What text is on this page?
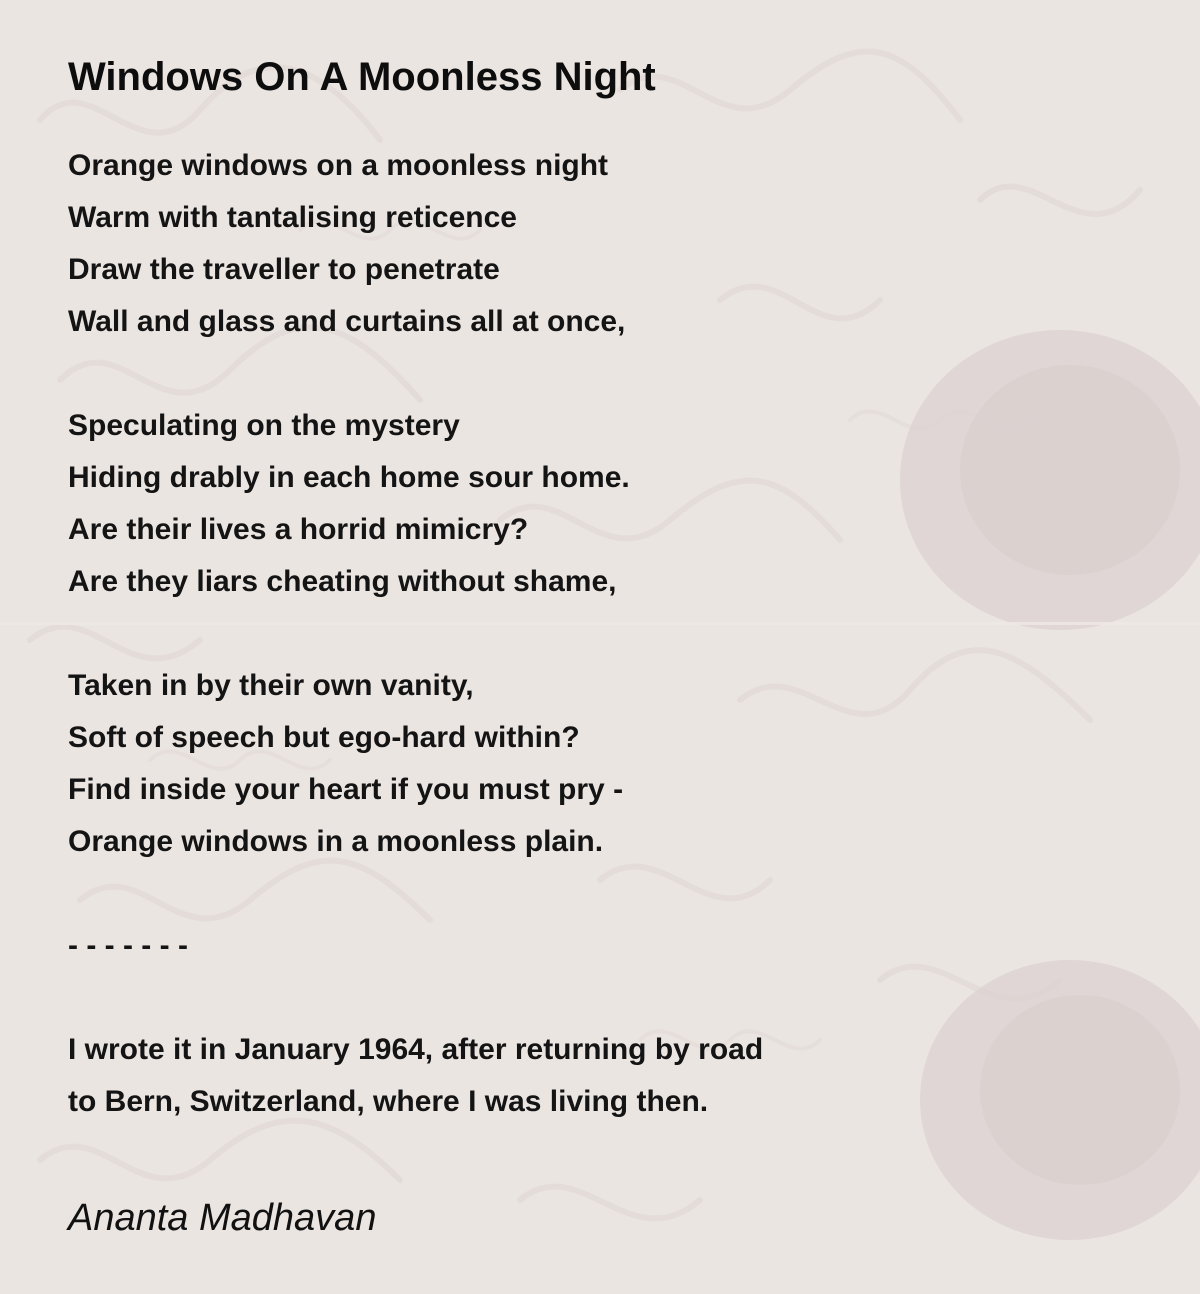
Windows On A Moonless Night
Orange windows on a moonless night
Warm with tantalising reticence
Draw the traveller to penetrate
Wall and glass and curtains all at once,
Speculating on the mystery
Hiding drably in each home sour home.
Are their lives a horrid mimicry?
Are they liars cheating without shame,
Taken in by their own vanity,
Soft of speech but ego-hard within?
Find inside your heart if you must pry -
Orange windows in a moonless plain.
- - - - - - -
I wrote it in January 1964, after returning by road
to Bern, Switzerland, where I was living then.
Ananta Madhavan
